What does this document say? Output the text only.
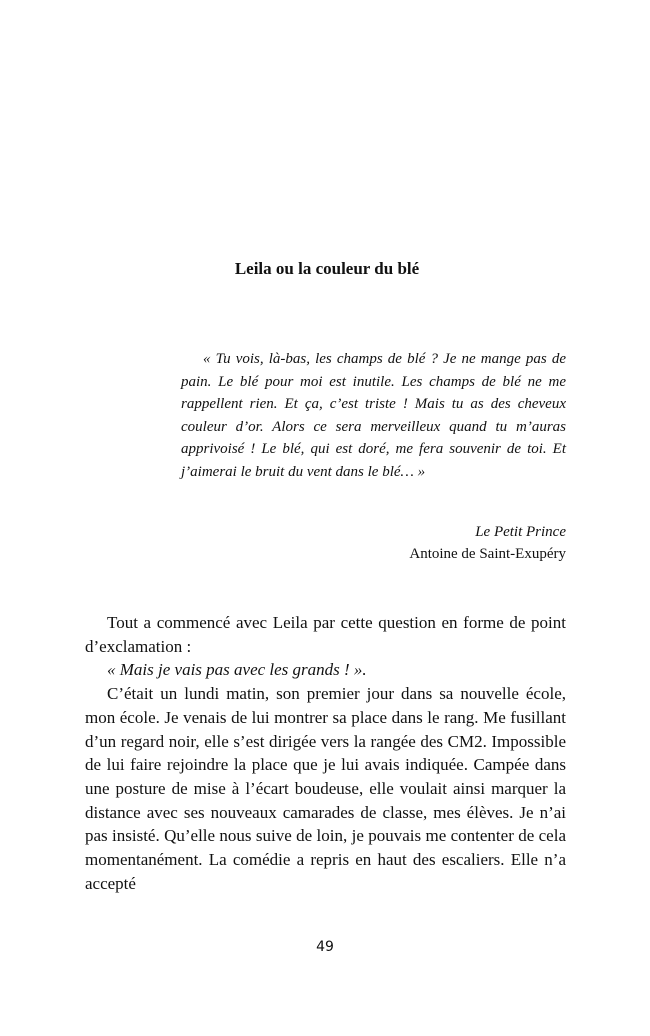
Leila ou la couleur du blé
« Tu vois, là-bas, les champs de blé ? Je ne mange pas de pain. Le blé pour moi est inutile. Les champs de blé ne me rappellent rien. Et ça, c’est triste ! Mais tu as des cheveux couleur d’or. Alors ce sera merveilleux quand tu m’auras apprivoisé ! Le blé, qui est doré, me fera souvenir de toi. Et j’aimerai le bruit du vent dans le blé… »
Le Petit Prince
Antoine de Saint-Exupéry

Tout a commencé avec Leila par cette question en forme de point d’exclamation :

« Mais je vais pas avec les grands ! ».

C’était un lundi matin, son premier jour dans sa nouvelle école, mon école. Je venais de lui montrer sa place dans le rang. Me fusillant d’un regard noir, elle s’est dirigée vers la rangée des CM2. Impossible de lui faire rejoindre la place que je lui avais indiquée. Campée dans une posture de mise à l’écart boudeuse, elle voulait ainsi marquer la distance avec ses nouveaux camarades de classe, mes élèves. Je n’ai pas insisté. Qu’elle nous suive de loin, je pouvais me contenter de cela momentanément. La comédie a repris en haut des escaliers. Elle n’a accepté

49
